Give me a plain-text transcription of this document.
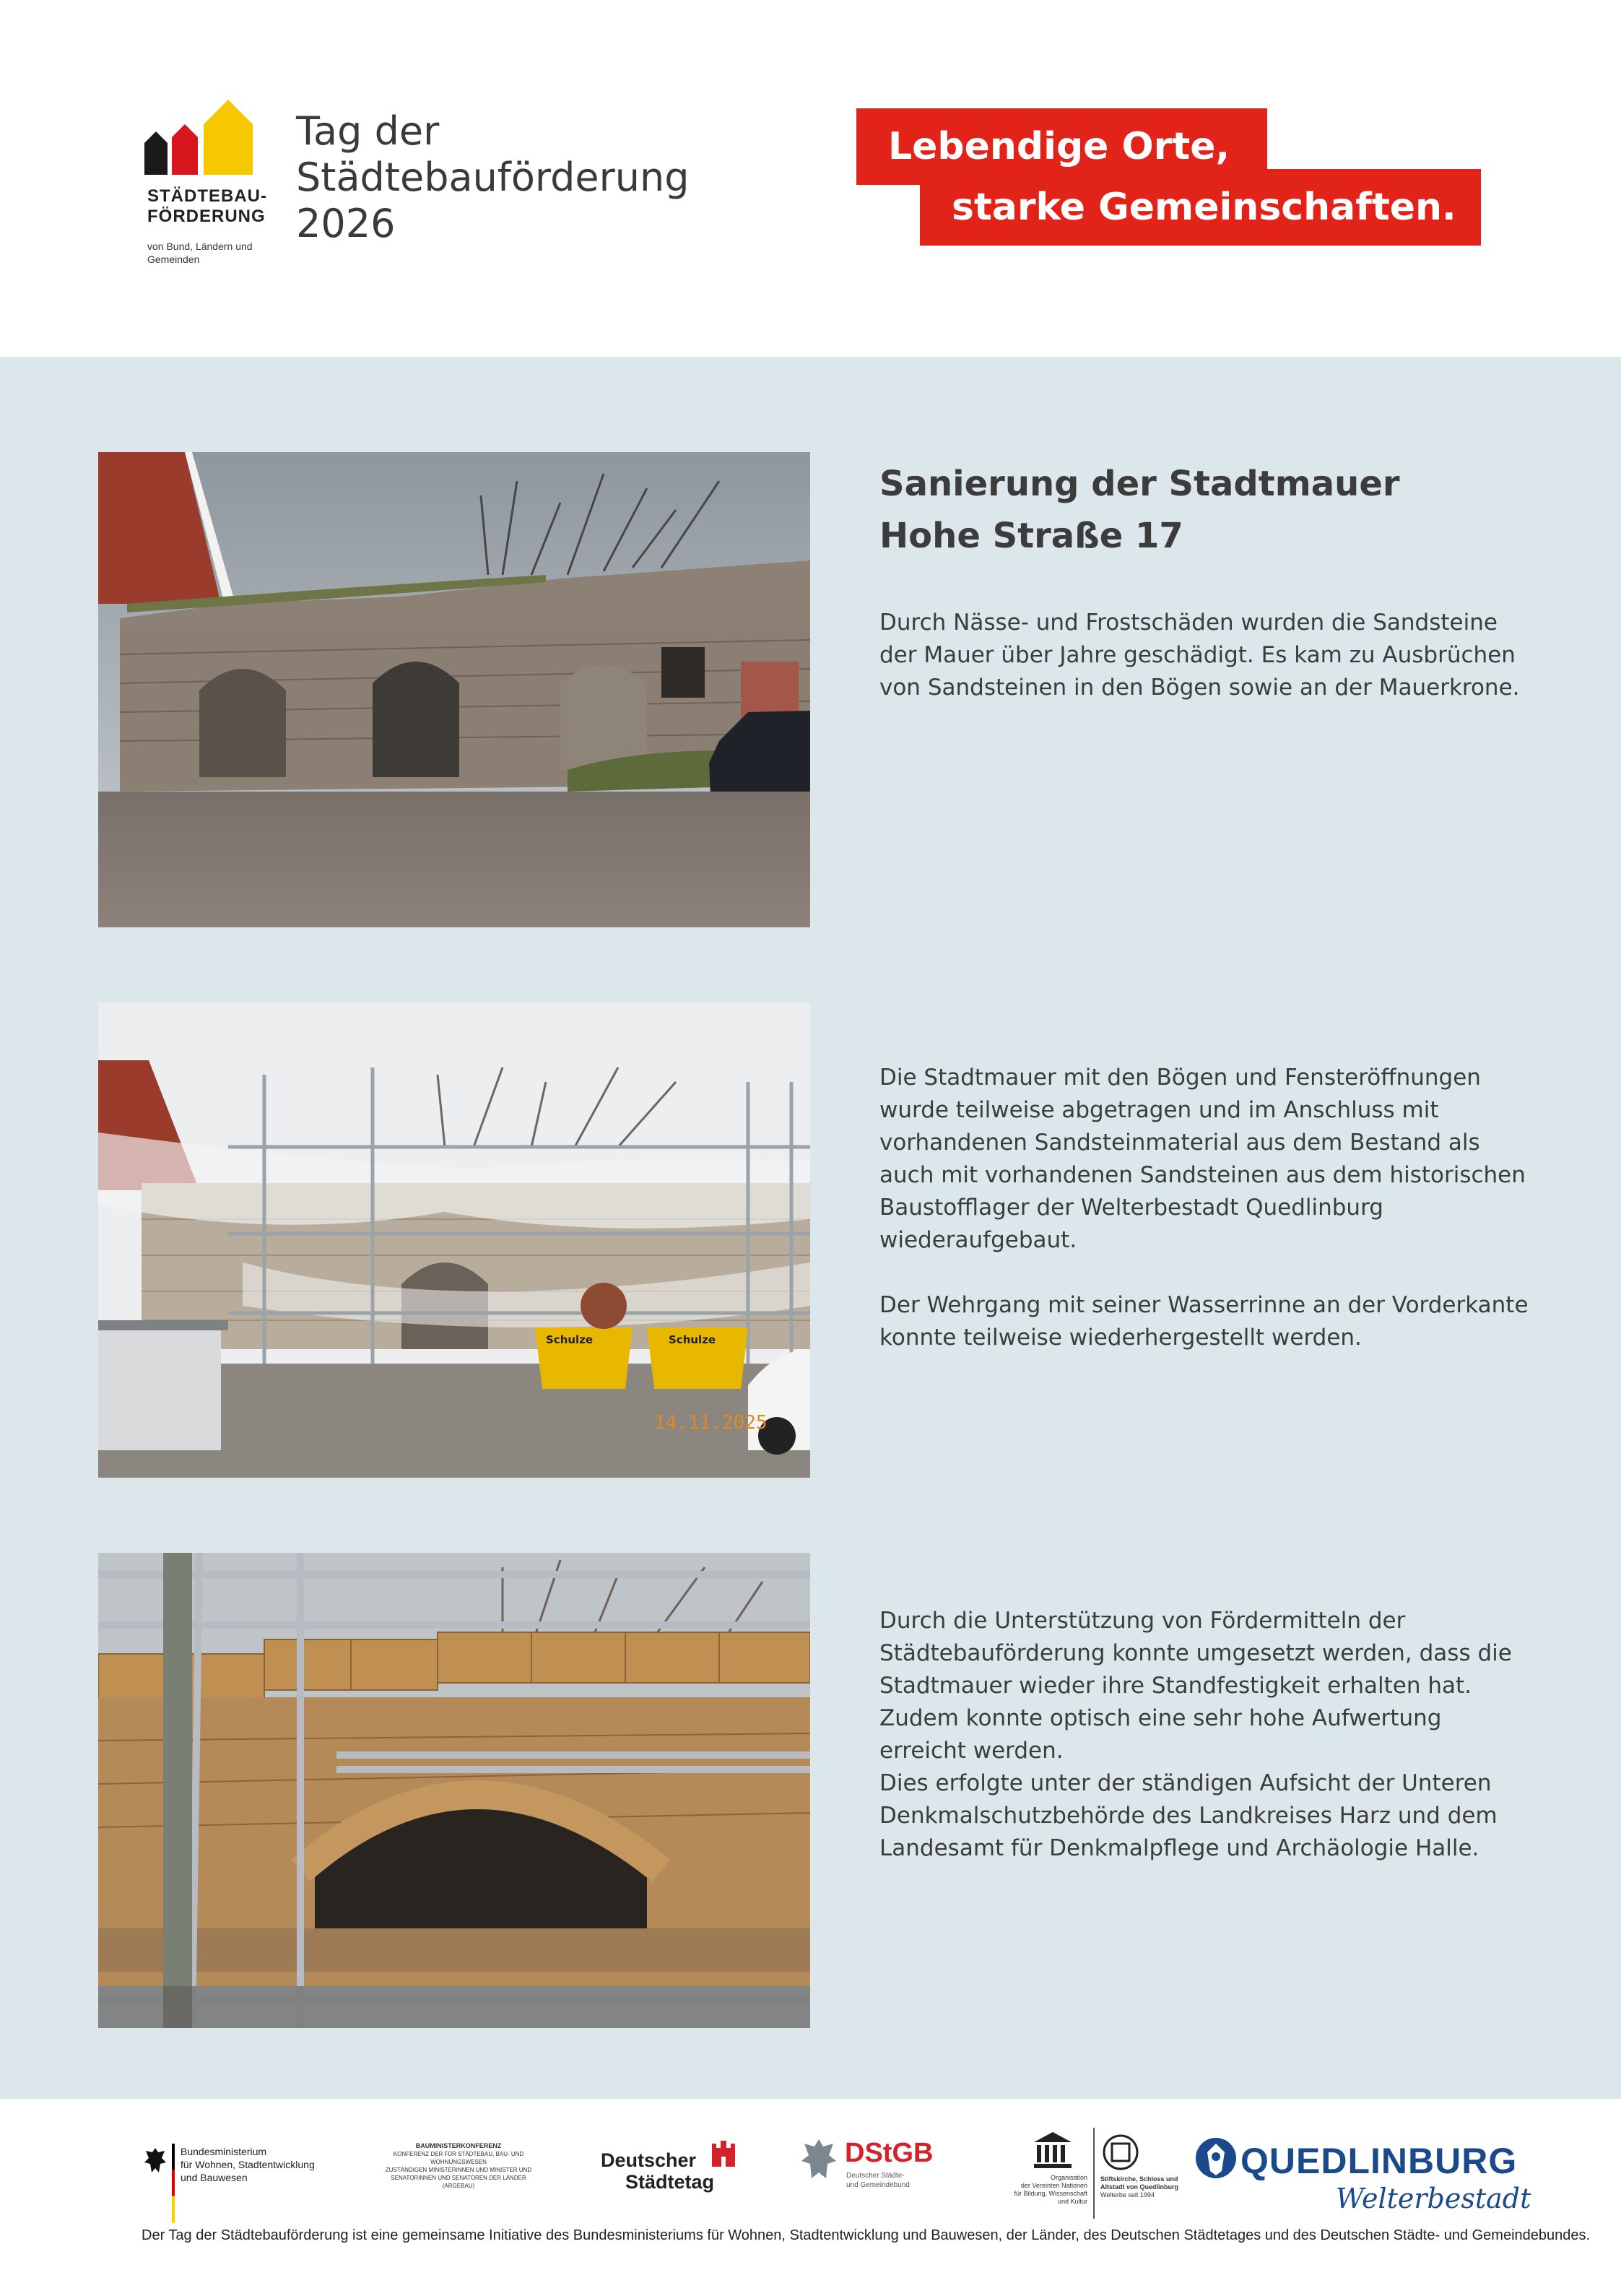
STÄDTEBAU-
FÖRDERUNG
von Bund, Ländern und Gemeinden
Tag der
Städtebauförderung
2026
Lebendige Orte,
starke Gemeinschaften.
Sanierung der Stadtmauer
Hohe Straße 17

Durch Nässe- und Frostschäden wurden die Sandsteine der Mauer über Jahre geschädigt. Es kam zu Ausbrüchen von Sandsteinen in den Bögen sowie an der Mauerkrone.

Schulze	Schulze
14.11.2025

Die Stadtmauer mit den Bögen und Fensteröffnungen wurde teilweise abgetragen und im Anschluss mit vorhandenen Sandsteinmaterial aus dem Bestand als auch mit vorhandenen Sandsteinen aus dem historischen Baustofflager der Welterbestadt Quedlinburg wiederaufgebaut.

Der Wehrgang mit seiner Wasserrinne an der Vorderkante konnte teilweise wiederhergestellt werden.

Durch die Unterstützung von Fördermitteln der Städtebauförderung konnte umgesetzt werden, dass die Stadtmauer wieder ihre Standfestigkeit erhalten hat. Zudem konnte optisch eine sehr hohe Aufwertung erreicht werden.

Dies erfolgte unter der ständigen Aufsicht der Unteren Denkmalschutzbehörde des Landkreises Harz und dem Landesamt für Denkmalpflege und Archäologie Halle.

Bundesministerium
für Wohnen, Stadtentwicklung
und Bauwesen
BAUMINISTERKONFERENZ
KONFERENZ DER FÜR STÄDTEBAU, BAU- UND WOHNUNGSWESEN
ZUSTÄNDIGEN MINISTERINNEN UND MINISTER UND
SENATORINNEN UND SENATOREN DER LÄNDER (ARGEBAU)
Deutscher
Städtetag
DStGB
Deutscher Städte-
und Gemeindebund
Organisation
der Vereinten Nationen
für Bildung, Wissenschaft
und Kultur
Stiftskirche, Schloss und
Altstadt von Quedlinburg
Welterbe seit 1994
QUEDLINBURG
Welterbestadt
Der Tag der Städtebauförderung ist eine gemeinsame Initiative des Bundesministeriums für Wohnen, Stadtentwicklung und Bauwesen, der Länder, des Deutschen Städtetages und des Deutschen Städte- und Gemeindebundes.
